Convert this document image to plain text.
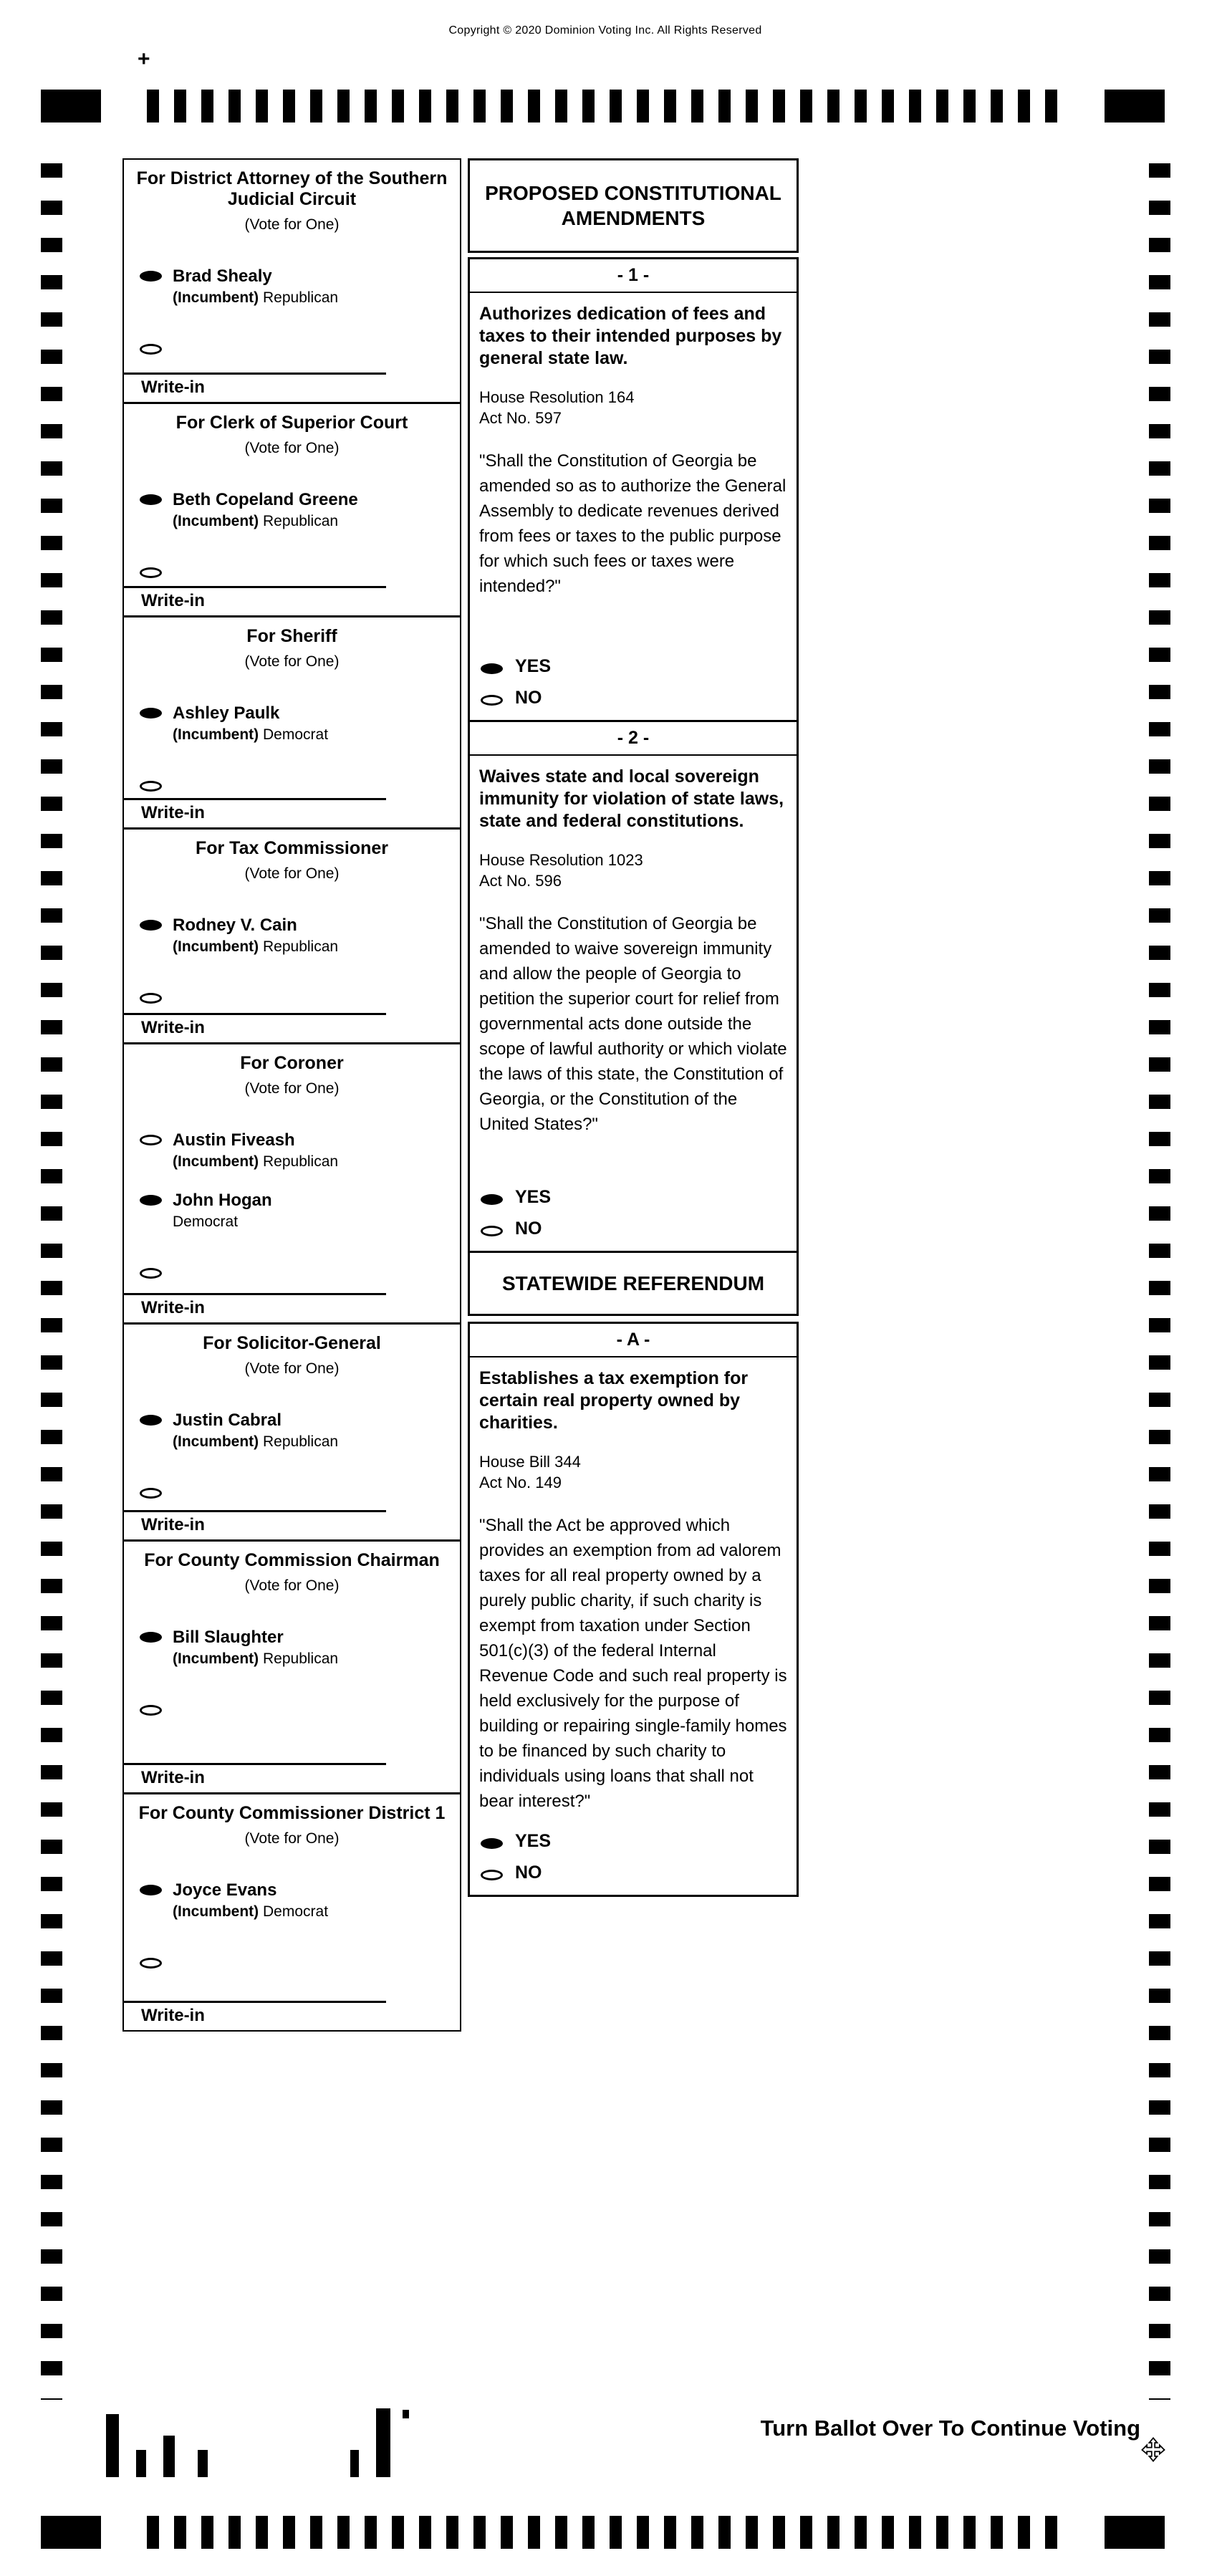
Copyright © 2020 Dominion Voting Inc. All Rights Reserved
+
For District Attorney of the Southern Judicial Circuit
(Vote for One)
Brad Shealy
(Incumbent) Republican
Write-in
For Clerk of Superior Court
(Vote for One)
Beth Copeland Greene
(Incumbent) Republican
Write-in
For Sheriff
(Vote for One)
Ashley Paulk
(Incumbent) Democrat
Write-in
For Tax Commissioner
(Vote for One)
Rodney V. Cain
(Incumbent) Republican
Write-in
For Coroner
(Vote for One)
Austin Fiveash
(Incumbent) Republican
John Hogan
Democrat
Write-in
For Solicitor-General
(Vote for One)
Justin Cabral
(Incumbent) Republican
Write-in
For County Commission Chairman
(Vote for One)
Bill Slaughter
(Incumbent) Republican
Write-in
For County Commissioner District 1
(Vote for One)
Joyce Evans
(Incumbent) Democrat
Write-in
PROPOSED CONSTITUTIONAL AMENDMENTS
- 1 -
Authorizes dedication of fees and taxes to their intended purposes by general state law.
House Resolution 164
Act No. 597
"Shall the Constitution of Georgia be amended so as to authorize the General Assembly to dedicate revenues derived from fees or taxes to the public purpose for which such fees or taxes were intended?"
YES
NO
- 2 -
Waives state and local sovereign immunity for violation of state laws, state and federal constitutions.
House Resolution 1023
Act No. 596
"Shall the Constitution of Georgia be amended to waive sovereign immunity and allow the people of Georgia to petition the superior court for relief from governmental acts done outside the scope of lawful authority or which violate the laws of this state, the Constitution of Georgia, or the Constitution of the United States?"
YES
NO
STATEWIDE REFERENDUM
- A -
Establishes a tax exemption for certain real property owned by charities.
House Bill 344
Act No. 149
"Shall the Act be approved which provides an exemption from ad valorem taxes for all real property owned by a purely public charity, if such charity is exempt from taxation under Section 501(c)(3) of the federal Internal Revenue Code and such real property is held exclusively for the purpose of building or repairing single-family homes to be financed by such charity to individuals using loans that shall not bear interest?"
YES
NO
Turn Ballot Over To Continue Voting
